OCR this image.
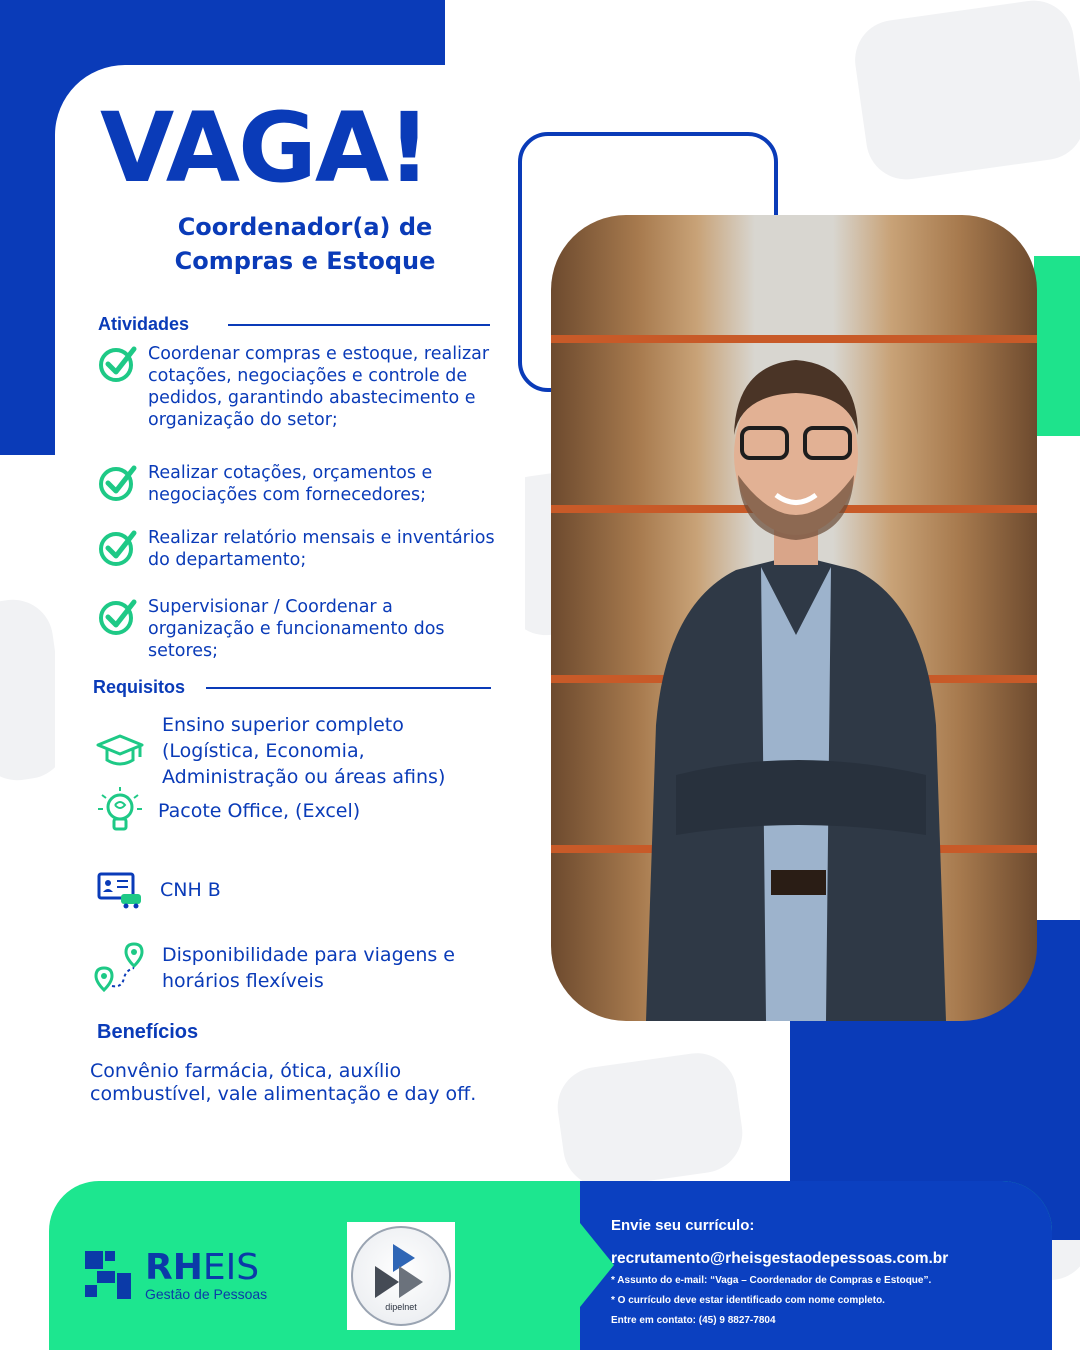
VAGA!
Coordenador(a) de
Compras e Estoque
Atividades
Coordenar compras e estoque, realizar cotações, negociações e controle de pedidos, garantindo abastecimento e organização do setor;
Realizar cotações, orçamentos e negociações com fornecedores;
Realizar relatório mensais e inventários do departamento;
Supervisionar / Coordenar a organização e funcionamento dos setores;
Requisitos
Ensino superior completo (Logística, Economia, Administração ou áreas afins)
Pacote Office, (Excel)
CNH B
Disponibilidade para viagens e horários flexíveis
Benefícios
Convênio farmácia, ótica, auxílio combustível, vale alimentação e day off.
RHEIS
Gestão de Pessoas
dipelnet
Envie seu currículo:
recrutamento@rheisgestaodepessoas.com.br
* Assunto do e-mail: “Vaga – Coordenador de Compras e Estoque”.
* O currículo deve estar identificado com nome completo.
Entre em contato: (45) 9 8827-7804
